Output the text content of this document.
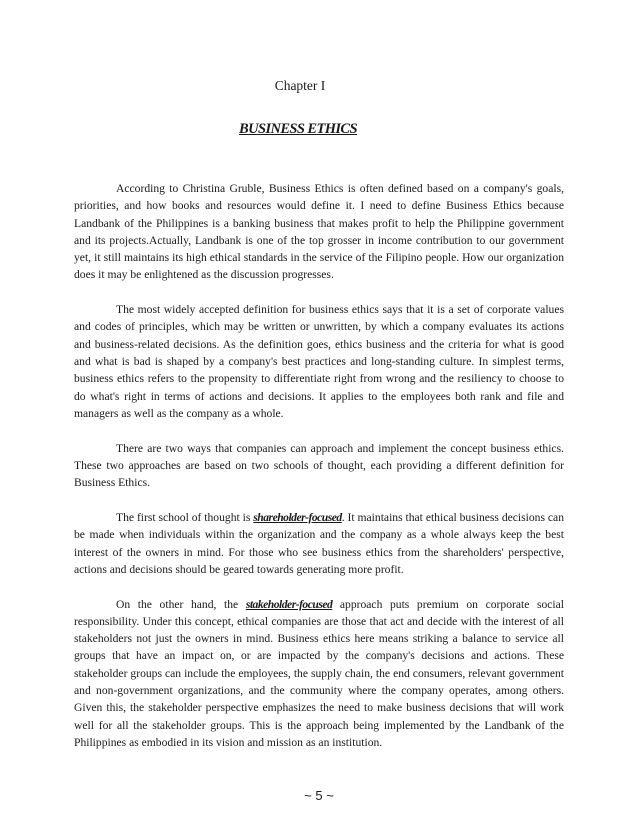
Chapter I
BUSINESS ETHICS

According to Christina Gruble, Business Ethics is often defined based on a company's goals, priorities, and how books and resources would define it. I need to define Business Ethics because Landbank of the Philippines is a banking business that makes profit to help the Philippine government and its projects.Actually, Landbank is one of the top grosser in income contribution to our government yet, it still maintains its high ethical standards in the service of the Filipino people. How our organization does it may be enlightened as the discussion progresses.

The most widely accepted definition for business ethics says that it is a set of corporate values and codes of principles, which may be written or unwritten, by which a company evaluates its actions and business-related decisions. As the definition goes, ethics business and the criteria for what is good and what is bad is shaped by a company's best practices and long-standing culture. In simplest terms, business ethics refers to the propensity to differentiate right from wrong and the resiliency to choose to do what's right in terms of actions and decisions. It applies to the employees both rank and file and managers as well as the company as a whole.

There are two ways that companies can approach and implement the concept business ethics. These two approaches are based on two schools of thought, each providing a different definition for Business Ethics.

The first school of thought is shareholder-focused. It maintains that ethical business decisions can be made when individuals within the organization and the company as a whole always keep the best interest of the owners in mind. For those who see business ethics from the shareholders' perspective, actions and decisions should be geared towards generating more profit.

On the other hand, the stakeholder-focused approach puts premium on corporate social responsibility. Under this concept, ethical companies are those that act and decide with the interest of all stakeholders not just the owners in mind. Business ethics here means striking a balance to service all groups that have an impact on, or are impacted by the company's decisions and actions. These stakeholder groups can include the employees, the supply chain, the end consumers, relevant government and non-government organizations, and the community where the company operates, among others. Given this, the stakeholder perspective emphasizes the need to make business decisions that will work well for all the stakeholder groups. This is the approach being implemented by the Landbank of the Philippines as embodied in its vision and mission as an institution.

~ 5 ~
